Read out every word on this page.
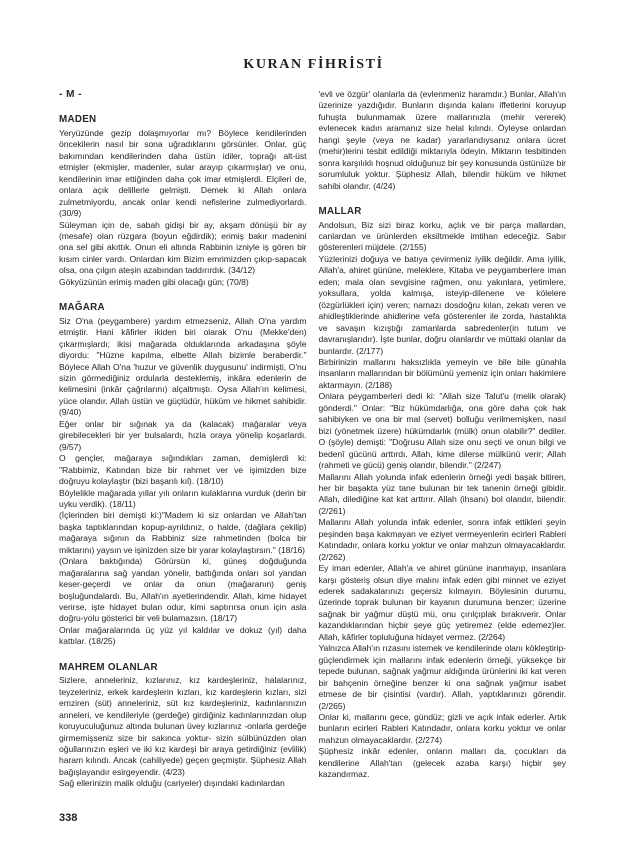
KURAN FİHRİSTİ
- M -
MADEN

Yeryüzünde gezip dolaşmıyorlar mı? Böylece kendilerinden öncekilerin nasıl bir sona uğradıklarını görsünler. Onlar, güç bakımından kendilerinden daha üstün idiler, toprağı alt-üst etmişler (ekmişler, madenler, sular arayıp çıkarmışlar) ve onu, kendilerinin imar ettiğinden daha çok imar etmişlerdi. Elçileri de, onlara açık delillerle gelmişti. Demek ki Allah onlara zulmetmiyordu, ancak onlar kendi nefislerine zulmediyorlardı. (30/9)

Süleyman için de, sabah gidişi bir ay, akşam dönüşü bir ay (mesafe) olan rüzgara (boyun eğdirdik); erimiş bakır madenini ona sel gibi akıttık. Onun eli altında Rabbinin izniyle iş gören bir kısım cinler vardı. Onlardan kim Bizim emrimizden çıkıp-sapacak olsa, ona çılgın ateşin azabından taddırırdık. (34/12)

Gökyüzünün erimiş maden gibi olacağı gün; (70/8)

MAĞARA

Siz O'na (peygambere) yardım etmezseniz, Allah O'na yardım etmiştir. Hani kâfirler ikiden biri olarak O'nu (Mekke'den) çıkarmışlardı; ikisi mağarada olduklarında arkadaşına şöyle diyordu: "Hüzne kapılma, elbette Allah bizimle beraberdir." Böylece Allah O'na 'huzur ve güvenlik duygusunu' indirmişti, O'nu sizin görmediğiniz ordularla desteklemiş, inkâra edenlerin de kelimesini (inkâr çağrılarını) alçaltmıştı. Oysa Allah'ın kelimesi, yüce olandır. Allah üstün ve güçlüdür, hüküm ve hikmet sahibidir. (9/40)

Eğer onlar bir sığınak ya da (kalacak) mağaralar veya girebilecekleri bir yer bulsalardı, hızla oraya yönelip koşarlardı. (9/57)

O gençler, mağaraya sığındıkları zaman, demişlerdi ki: "Rabbimiz, Katından bize bir rahmet ver ve işimizden bize doğruyu kolaylaştır (bizi başarılı kıl). (18/10)

Böylelikle mağarada yıllar yılı onların kulaklarına vurduk (derin bir uyku verdik). (18/11)

(İçlerinden biri demişti ki:)"Madem ki siz onlardan ve Allah'tan başka taptıklarından kopup-ayrıldınız, o halde, (dağlara çekilip) mağaraya sığının da Rabbiniz size rahmetinden (bolca bir miktarını) yaysın ve işinizden size bir yarar kolaylaştırsın." (18/16)

(Onlara baktığında) Görürsün ki, güneş doğduğunda mağaralarına sağ yandan yönelir, battığında onları sol yandan keser-geçerdi ve onlar da onun (mağaranın) geniş boşluğundalardı. Bu, Allah'ın ayetlerindendir. Allah, kime hidayet verirse, işte hidayet bulan odur, kimi saptırırsa onun için asla doğru-yolu gösterici bir veli bulamazsın. (18/17)

Onlar mağaralarında üç yüz yıl kaldılar ve dokuz (yıl) daha kattılar. (18/25)

MAHREM OLANLAR

Sizlere, anneleriniz, kızlarınız, kız kardeşleriniz, halalarınız, teyzeleriniz, erkek kardeşlerin kızları, kız kardeşlerin kızları, sizi emziren (süt) anneleriniz, süt kız kardeşleriniz, kadınlarınızın anneleri, ve kendileriyle (gerdeğe) girdiğiniz kadınlarınızdan olup koruyuculuğunuz altında bulunan üvey kızlarınız -onlarla gerdeğe girmemişseniz size bir sakınca yoktur- sizin sülbünüzden olan oğullarınızın eşleri ve iki kız kardeşi bir araya getirdiğiniz (evlilik) haram kılındı. Ancak (cahiliyede) geçen geçmiştir. Şüphesiz Allah bağışlayandır esirgeyendir. (4/23)

Sağ ellerinizin malik olduğu (cariyeler) dışındaki kadınlardan

'evli ve özgür' olanlarla da (evlenmeniz haramdır.) Bunlar, Allah'ın üzerinize yazdığıdır. Bunların dışında kalanı iffetlerini koruyup fuhuşta bulunmamak üzere mallarınızla (mehir vererek) evlenecek kadın aramanız size helal kılındı. Öyleyse onlardan hangi şeyle (veya ne kadar) yararlandıysanız onlara ücret (mehir)lerini tesbit edildiği miktarıyla ödeyin. Miktarın tesbitinden sonra karşılıklı hoşnud olduğunuz bir şey konusunda üstünüze bir sorumluluk yoktur. Şüphesiz Allah, bilendir hüküm ve hikmet sahibi olandır. (4/24)

MALLAR

Andolsun, Biz sizi biraz korku, açlık ve bir parça mallardan, canlardan ve ürünlerden eksiltmekle imtihan edeceğiz. Sabır gösterenleri müjdele. (2/155)

Yüzlerinizi doğuya ve batıya çevirmeniz iyilik değildir. Ama iyilik, Allah'a, ahiret gününe, meleklere, Kitaba ve peygamberlere iman eden; mala olan sevgisine rağmen, onu yakınlara, yetimlere, yoksullara, yolda kalmışa, isteyip-dilenene ve kölelere (özgürlükleri için) veren; namazı dosdoğru kılan, zekatı veren ve ahidleştiklerinde ahidlerine vefa gösterenler ile zorda, hastalıkta ve savaşın kızıştığı zamanlarda sabredenler(in tutum ve davranışlarıdır). İşte bunlar, doğru olanlardır ve müttaki olanlar da bunlardır. (2/177)

Birbirinizin mallarını haksızlıkla yemeyin ve bile bile günahla insanların mallarından bir bölümünü yemeniz için onları hakimlere aktarmayın. (2/188)

Onlara peygamberleri dedi ki: "Allah size Talut'u (melik olarak) gönderdi." Onlar: "Biz hükümdarlığa, ona göre daha çok hak sahibiyken ve ona bir mal (servet) bolluğu verilmemişken, nasıl bizi (yönetmek üzere) hükümdarlık (mülk) onun olabilir?" dediler. O (şöyle) demişti: "Doğrusu Allah size onu seçti ve onun bilgi ve bedenî gücünü arttırdı. Allah, kime dilerse mülkünü verir; Allah (rahmeti ve gücü) geniş olandır, bilendir." (2/247)

Mallarını Allah yolunda infak edenlerin örneği yedi başak bitiren, her bir başakta yüz tane bulunan bir tek tanenin örneği gibidir. Allah, dilediğine kat kat arttırır. Allah (ihsanı) bol olandır, bilendir. (2/261)

Mallarını Allah yolunda infak edenler, sonra infak ettikleri şeyin peşinden başa kakmayan ve eziyet vermeyenlerin ecirleri Rableri Katındadır, onlara korku yoktur ve onlar mahzun olmayacaklardır. (2/262)

Ey iman edenler, Allah'a ve ahiret gününe inanmayıp, insanlara karşı gösteriş olsun diye malını infak eden gibi minnet ve eziyet ederek sadakalarınızı geçersiz kılmayın. Böylesinin durumu, üzerinde toprak bulunan bir kayanın durumuna benzer; üzerine sağnak bir yağmur düştü mü, onu çırılçıplak bırakıverir. Onlar kazandıklarından hiçbir şeye güç yetiremez (elde edemez)ler. Allah, kâfirler topluluğuna hidayet vermez. (2/264)

Yalnızca Allah'ın rızasını istemek ve kendilerinde olanı kökleştirip- güçlendirmek için mallarını infak edenlerin örneği, yüksekçe bir tepede bulunan, sağnak yağmur aldığında ürünlerini iki kat veren bir bahçenin örneğine benzer ki ona sağnak yağmur isabet etmese de bir çisintisi (vardır). Allah, yaptıklarınızı görendir. (2/265)

Onlar ki, mallarını gece, gündüz; gizli ve açık infak ederler. Artık bunların ecirleri Rableri Katındadır, onlara korku yoktur ve onlar mahzun olmayacaklardır. (2/274)

Şüphesiz inkâr edenler, onların malları da, çocukları da kendilerine Allah'tan (gelecek azaba karşı) hiçbir şey kazandırmaz.

338
